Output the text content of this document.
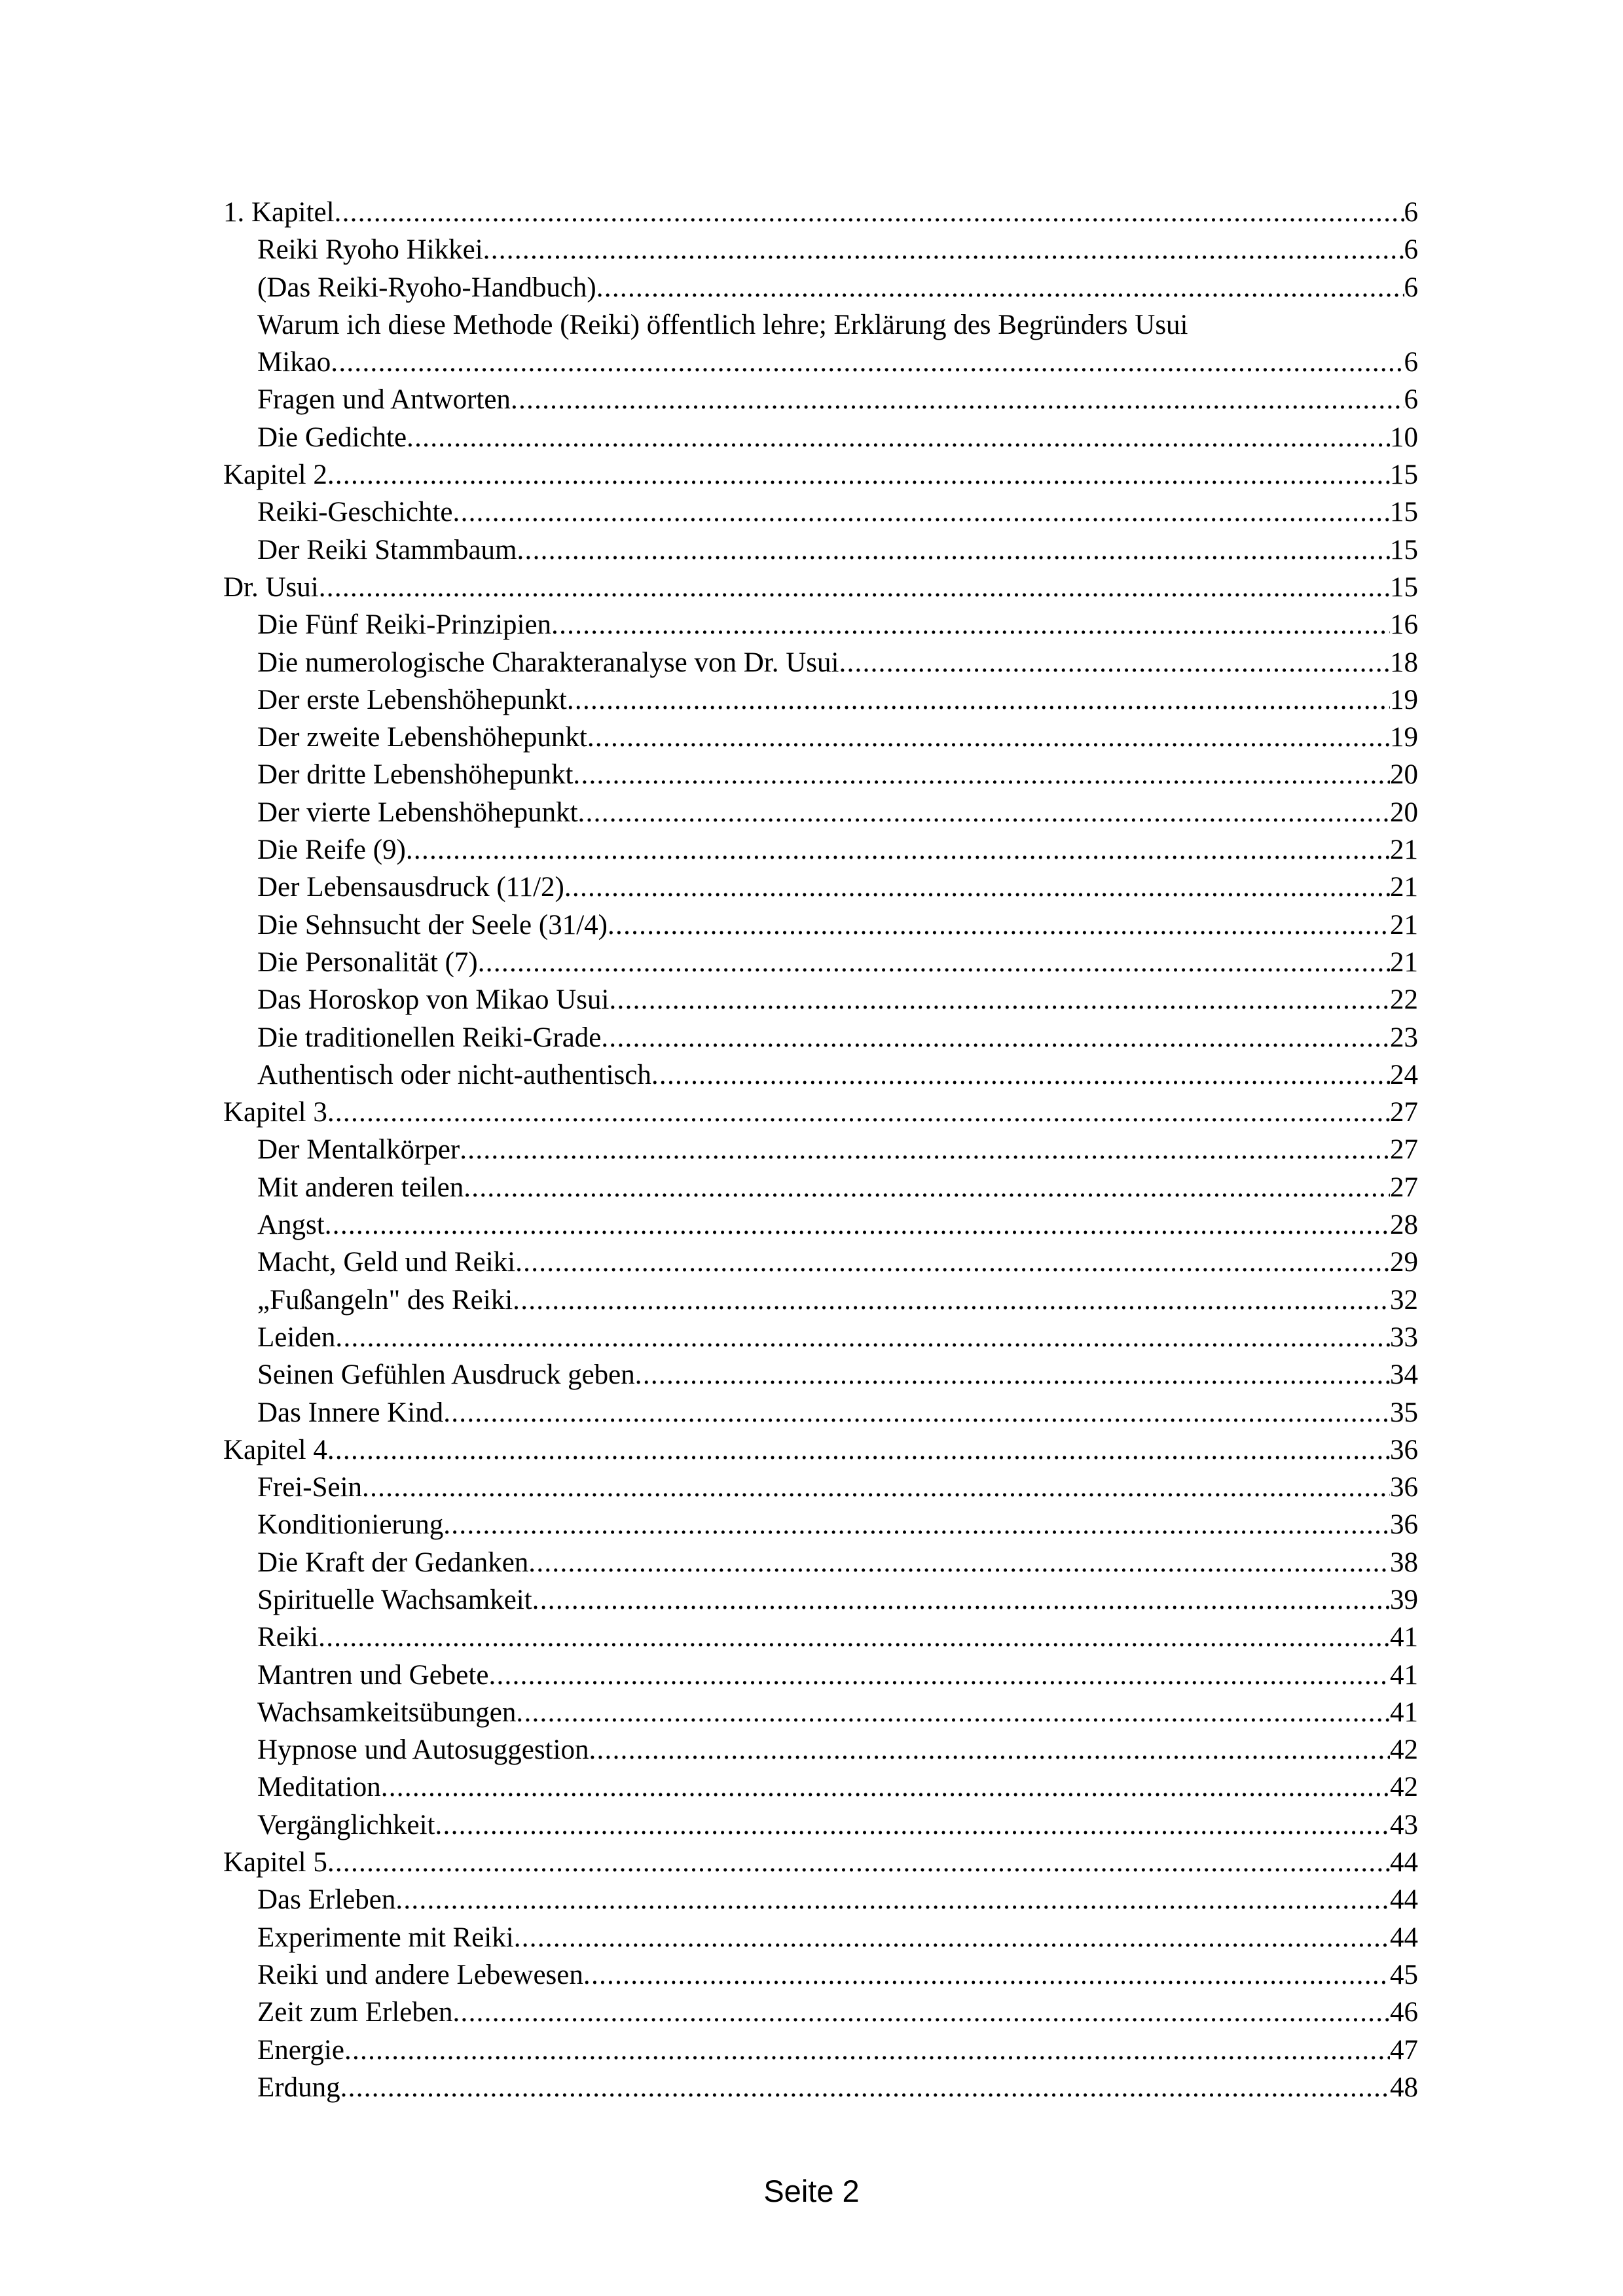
1. Kapitel .....	6
Reiki Ryoho Hikkei .....	6
(Das Reiki-Ryoho-Handbuch) .....	6
Warum ich diese Methode (Reiki) öffentlich lehre; Erklärung des Begründers Usui
Mikao .....	6
Fragen und Antworten .....	6
Die Gedichte .....	10
Kapitel 2 .....	15
Reiki-Geschichte .....	15
Der Reiki Stammbaum .....	15
Dr. Usui .....	15
Die Fünf Reiki-Prinzipien .....	16
Die numerologische Charakteranalyse von Dr. Usui .....	18
Der erste Lebenshöhepunkt .....	19
Der zweite Lebenshöhepunkt .....	19
Der dritte Lebenshöhepunkt .....	20
Der vierte Lebenshöhepunkt .....	20
Die Reife (9) .....	21
Der Lebensausdruck (11/2) .....	21
Die Sehnsucht der Seele (31/4) .....	21
Die Personalität (7) .....	21
Das Horoskop von Mikao Usui .....	22
Die traditionellen Reiki-Grade .....	23
Authentisch oder nicht-authentisch .....	24
Kapitel 3 .....	27
Der Mentalkörper .....	27
Mit anderen teilen .....	27
Angst .....	28
Macht, Geld und Reiki .....	29
„Fußangeln" des Reiki .....	32
Leiden .....	33
Seinen Gefühlen Ausdruck geben .....	34
Das Innere Kind .....	35
Kapitel 4 .....	36
Frei-Sein .....	36
Konditionierung .....	36
Die Kraft der Gedanken .....	38
Spirituelle Wachsamkeit .....	39
Reiki .....	41
Mantren und Gebete .....	41
Wachsamkeitsübungen .....	41
Hypnose und Autosuggestion .....	42
Meditation .....	42
Vergänglichkeit .....	43
Kapitel 5 .....	44
Das Erleben .....	44
Experimente mit Reiki .....	44
Reiki und andere Lebewesen .....	45
Zeit zum Erleben .....	46
Energie .....	47
Erdung .....	48
Seite 2
